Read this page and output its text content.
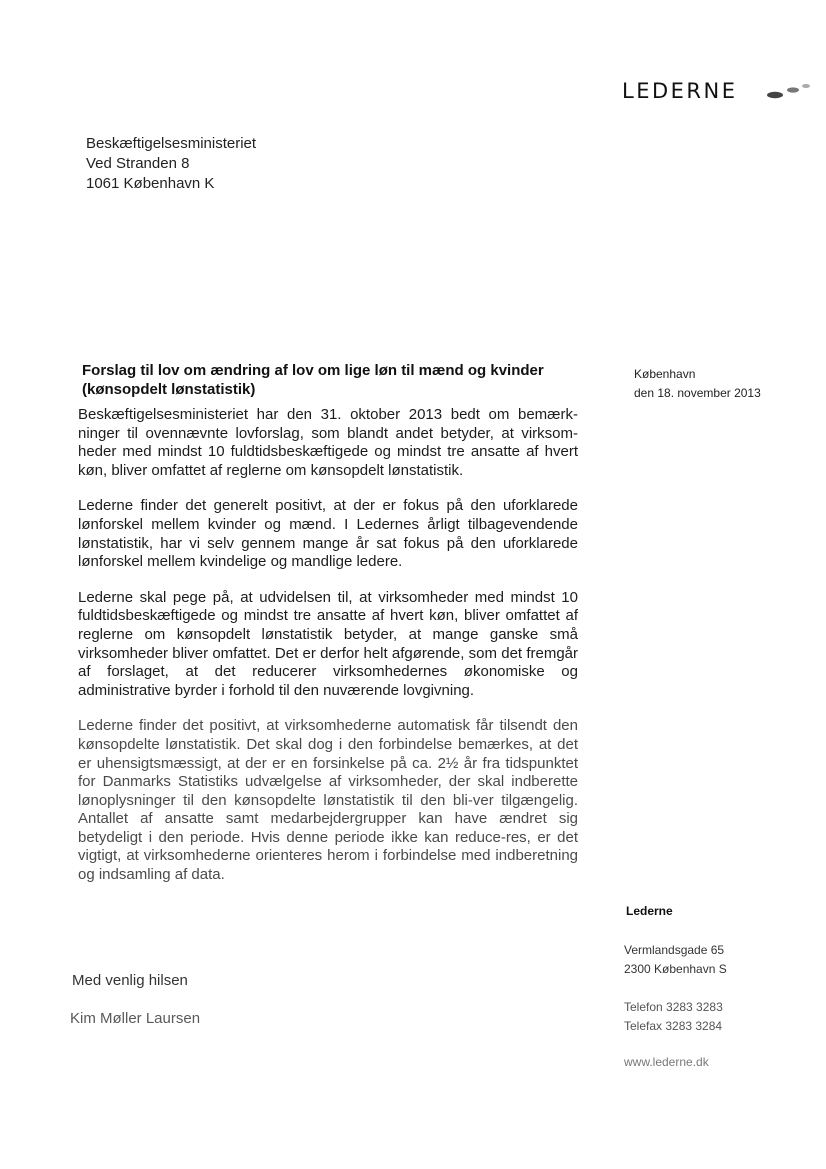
LEDERNE
Beskæftigelsesministeriet
Ved Stranden 8
1061 København K
København
den 18. november 2013
Forslag til lov om ændring af lov om lige løn til mænd og kvinder
(kønsopdelt lønstatistik)

Beskæftigelsesministeriet har den 31. oktober 2013 bedt om bemærk-ninger til ovennævnte lovforslag, som blandt andet betyder, at virksom-heder med mindst 10 fuldtidsbeskæftigede og mindst tre ansatte af hvert køn, bliver omfattet af reglerne om kønsopdelt lønstatistik.

Lederne finder det generelt positivt, at der er fokus på den uforklarede lønforskel mellem kvinder og mænd. I Ledernes årligt tilbagevendende lønstatistik, har vi selv gennem mange år sat fokus på den uforklarede lønforskel mellem kvindelige og mandlige ledere.

Lederne skal pege på, at udvidelsen til, at virksomheder med mindst 10 fuldtidsbeskæftigede og mindst tre ansatte af hvert køn, bliver omfattet af reglerne om kønsopdelt lønstatistik betyder, at mange ganske små virksomheder bliver omfattet. Det er derfor helt afgørende, som det fremgår af forslaget, at det reducerer virksomhedernes økonomiske og administrative byrder i forhold til den nuværende lovgivning.

Lederne finder det positivt, at virksomhederne automatisk får tilsendt den kønsopdelte lønstatistik. Det skal dog i den forbindelse bemærkes, at det er uhensigtsmæssigt, at der er en forsinkelse på ca. 2½ år fra tidspunktet for Danmarks Statistiks udvælgelse af virksomheder, der skal indberette lønoplysninger til den kønsopdelte lønstatistik til den bli-ver tilgængelig. Antallet af ansatte samt medarbejdergrupper kan have ændret sig betydeligt i den periode. Hvis denne periode ikke kan reduce-res, er det vigtigt, at virksomhederne orienteres herom i forbindelse med indberetning og indsamling af data.

Med venlig hilsen
Kim Møller Laursen
Lederne
Vermlandsgade 65
2300 København S
Telefon 3283 3283
Telefax 3283 3284
www.lederne.dk
